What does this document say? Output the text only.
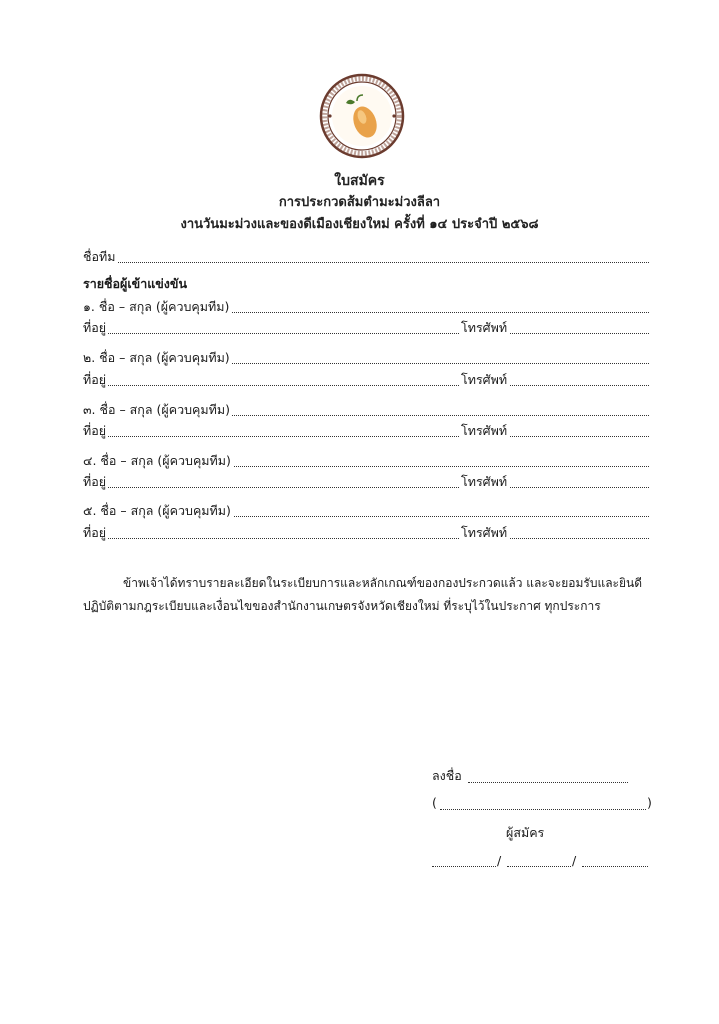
ใบสมัคร
การประกวดส้มตำมะม่วงลีลา
งานวันมะม่วงและของดีเมืองเชียงใหม่ ครั้งที่ ๑๔ ประจำปี ๒๕๖๘
ชื่อทีม
รายชื่อผู้เข้าแข่งขัน
๑. ชื่อ – สกุล (ผู้ควบคุมทีม)
ที่อยู่	โทรศัพท์
๒. ชื่อ – สกุล (ผู้ควบคุมทีม)
ที่อยู่	โทรศัพท์
๓. ชื่อ – สกุล (ผู้ควบคุมทีม)
ที่อยู่	โทรศัพท์
๔. ชื่อ – สกุล (ผู้ควบคุมทีม)
ที่อยู่	โทรศัพท์
๕. ชื่อ – สกุล (ผู้ควบคุมทีม)
ที่อยู่	โทรศัพท์
ข้าพเจ้าได้ทราบรายละเอียดในระเบียบการและหลักเกณฑ์ของกองประกวดแล้ว และจะยอมรับและยินดี
ปฏิบัติตามกฎระเบียบและเงื่อนไขของสำนักงานเกษตรจังหวัดเชียงใหม่ ที่ระบุไว้ในประกาศ ทุกประการ
ลงชื่อ
(	)
ผู้สมัคร
/	/
